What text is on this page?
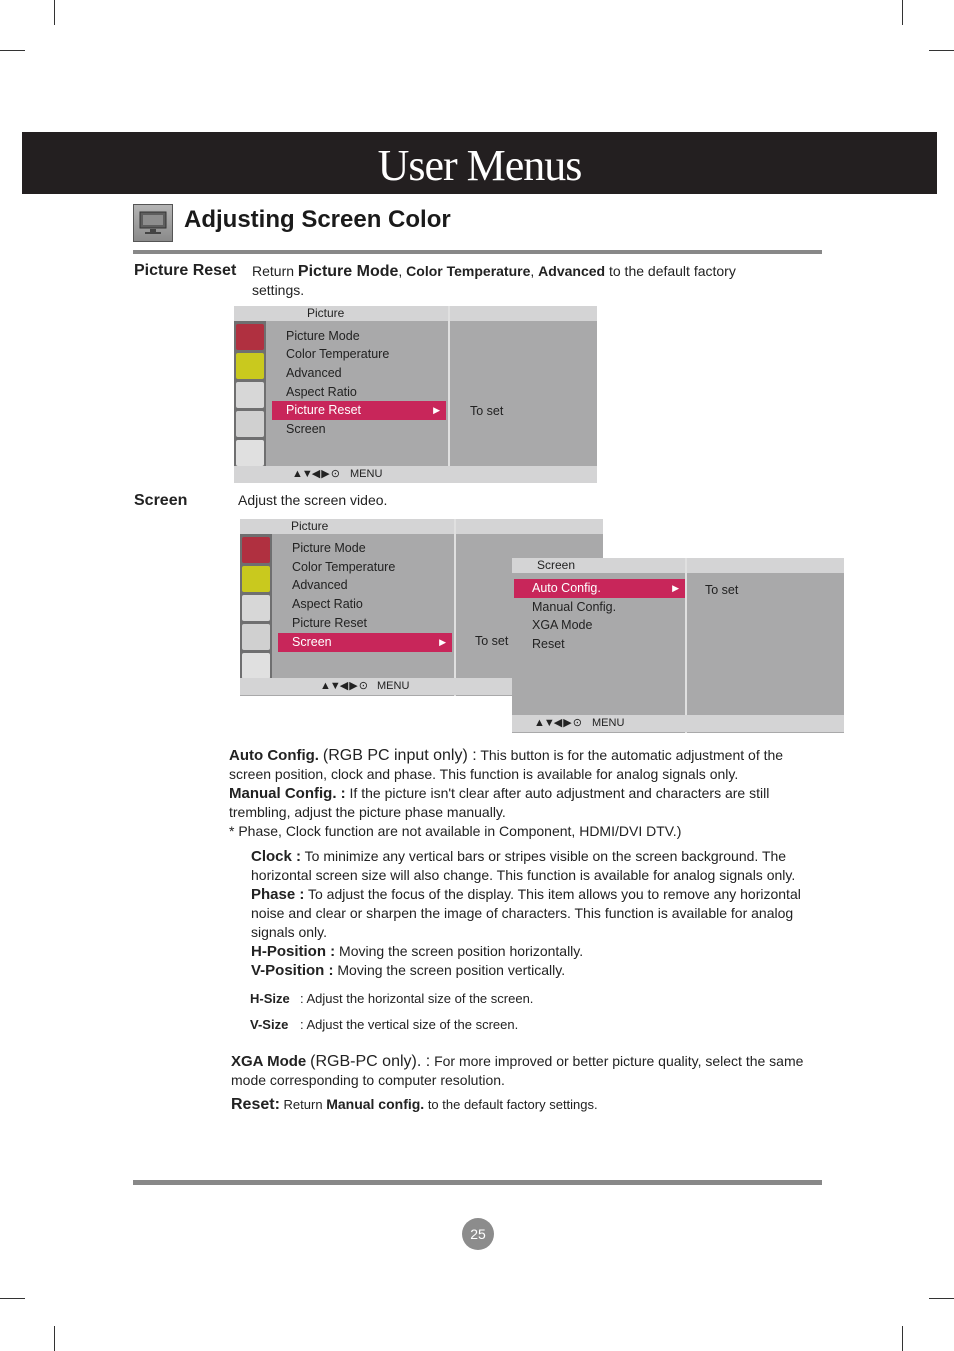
User Menus
Adjusting Screen Color
Picture Reset Return Picture Mode, Color Temperature, Advanced to the default factory
settings.
Picture
Picture Mode
Color Temperature
Advanced
Aspect Ratio
Picture Reset ▶
Screen
To set
▲▼◀ ▶ ⊙ MENU
Screen	Adjust the screen video.
Picture
Picture Mode
Color Temperature
Advanced
Aspect Ratio
Picture Reset
Screen ▶	To set
▲▼◀ ▶ ⊙ MENU
Screen
Auto Config. ▶
Manual Config.
XGA Mode
Reset
To set
▲▼◀ ▶ ⊙ MENU
Auto Config. (RGB PC input only) : This button is for the automatic adjustment of the
screen position, clock and phase. This function is available for analog signals only.
Manual Config. : If the picture isn't clear after auto adjustment and characters are still
trembling, adjust the picture phase manually.
* Phase, Clock function are not available in Component, HDMI/DVI DTV.)
Clock : To minimize any vertical bars or stripes visible on the screen background. The
horizontal screen size will also change. This function is available for analog signals only.
Phase : To adjust the focus of the display. This item allows you to remove any horizontal
noise and clear or sharpen the image of characters. This function is available for analog
signals only.
H-Position : Moving the screen position horizontally.
V-Position : Moving the screen position vertically.
H-Size : Adjust the horizontal size of the screen.
V-Size : Adjust the vertical size of the screen.
XGA Mode (RGB-PC only). : For more improved or better picture quality, select the same
mode corresponding to computer resolution.
Reset: Return Manual config. to the default factory settings.
25
